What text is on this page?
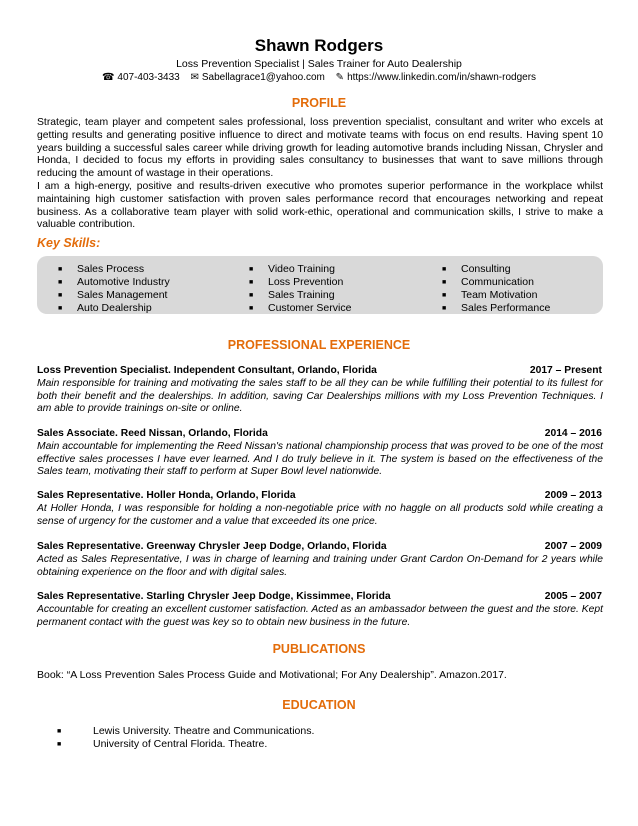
Shawn Rodgers
Loss Prevention Specialist | Sales Trainer for Auto Dealership
☎ 407-403-3433 ✉ Sabellagrace1@yahoo.com ✎ https://www.linkedin.com/in/shawn-rodgers
PROFILE
Strategic, team player and competent sales professional, loss prevention specialist, consultant and writer who excels at getting results and generating positive influence to direct and motivate teams with focus on end results. Having spent 10 years building a successful sales career while driving growth for leading automotive brands including Nissan, Chrysler and Honda, I decided to focus my efforts in providing sales consultancy to businesses that want to save millions through reducing the amount of wastage in their operations.
I am a high-energy, positive and results-driven executive who promotes superior performance in the workplace whilst maintaining high customer satisfaction with proven sales performance record that encourages networking and repeat business. As a collaborative team player with solid work-ethic, operational and communication skills, I strive to make a valuable contribution.
Key Skills:
■ Sales Process
■ Automotive Industry
■ Sales Management
■ Auto Dealership
■ Video Training
■ Loss Prevention
■ Sales Training
■ Customer Service
■ Consulting
■ Communication
■ Team Motivation
■ Sales Performance
PROFESSIONAL EXPERIENCE
Loss Prevention Specialist. Independent Consultant, Orlando, Florida	2017 – Present
Main responsible for training and motivating the sales staff to be all they can be while fulfilling their potential to its fullest for both their benefit and the dealerships. In addition, saving Car Dealerships millions with my Loss Prevention Techniques. I am able to provide trainings on-site or online.
Sales Associate. Reed Nissan, Orlando, Florida	2014 – 2016
Main accountable for implementing the Reed Nissan's national championship process that was proved to be one of the most effective sales processes I have ever learned. And I do truly believe in it. The system is based on the effectiveness of the Sales team, motivating their staff to perform at Super Bowl level nationwide.
Sales Representative. Holler Honda, Orlando, Florida	2009 – 2013
At Holler Honda, I was responsible for holding a non-negotiable price with no haggle on all products sold while creating a sense of urgency for the customer and a value that exceeded its one price.
Sales Representative. Greenway Chrysler Jeep Dodge, Orlando, Florida	2007 – 2009
Acted as Sales Representative, I was in charge of learning and training under Grant Cardon On-Demand for 2 years while obtaining experience on the floor and with digital sales.
Sales Representative. Starling Chrysler Jeep Dodge, Kissimmee, Florida	2005 – 2007
Accountable for creating an excellent customer satisfaction. Acted as an ambassador between the guest and the store. Kept permanent contact with the guest was key so to obtain new business in the future.
PUBLICATIONS
Book: “A Loss Prevention Sales Process Guide and Motivational; For Any Dealership”. Amazon.2017.
EDUCATION
■	Lewis University. Theatre and Communications.
■	University of Central Florida. Theatre.
